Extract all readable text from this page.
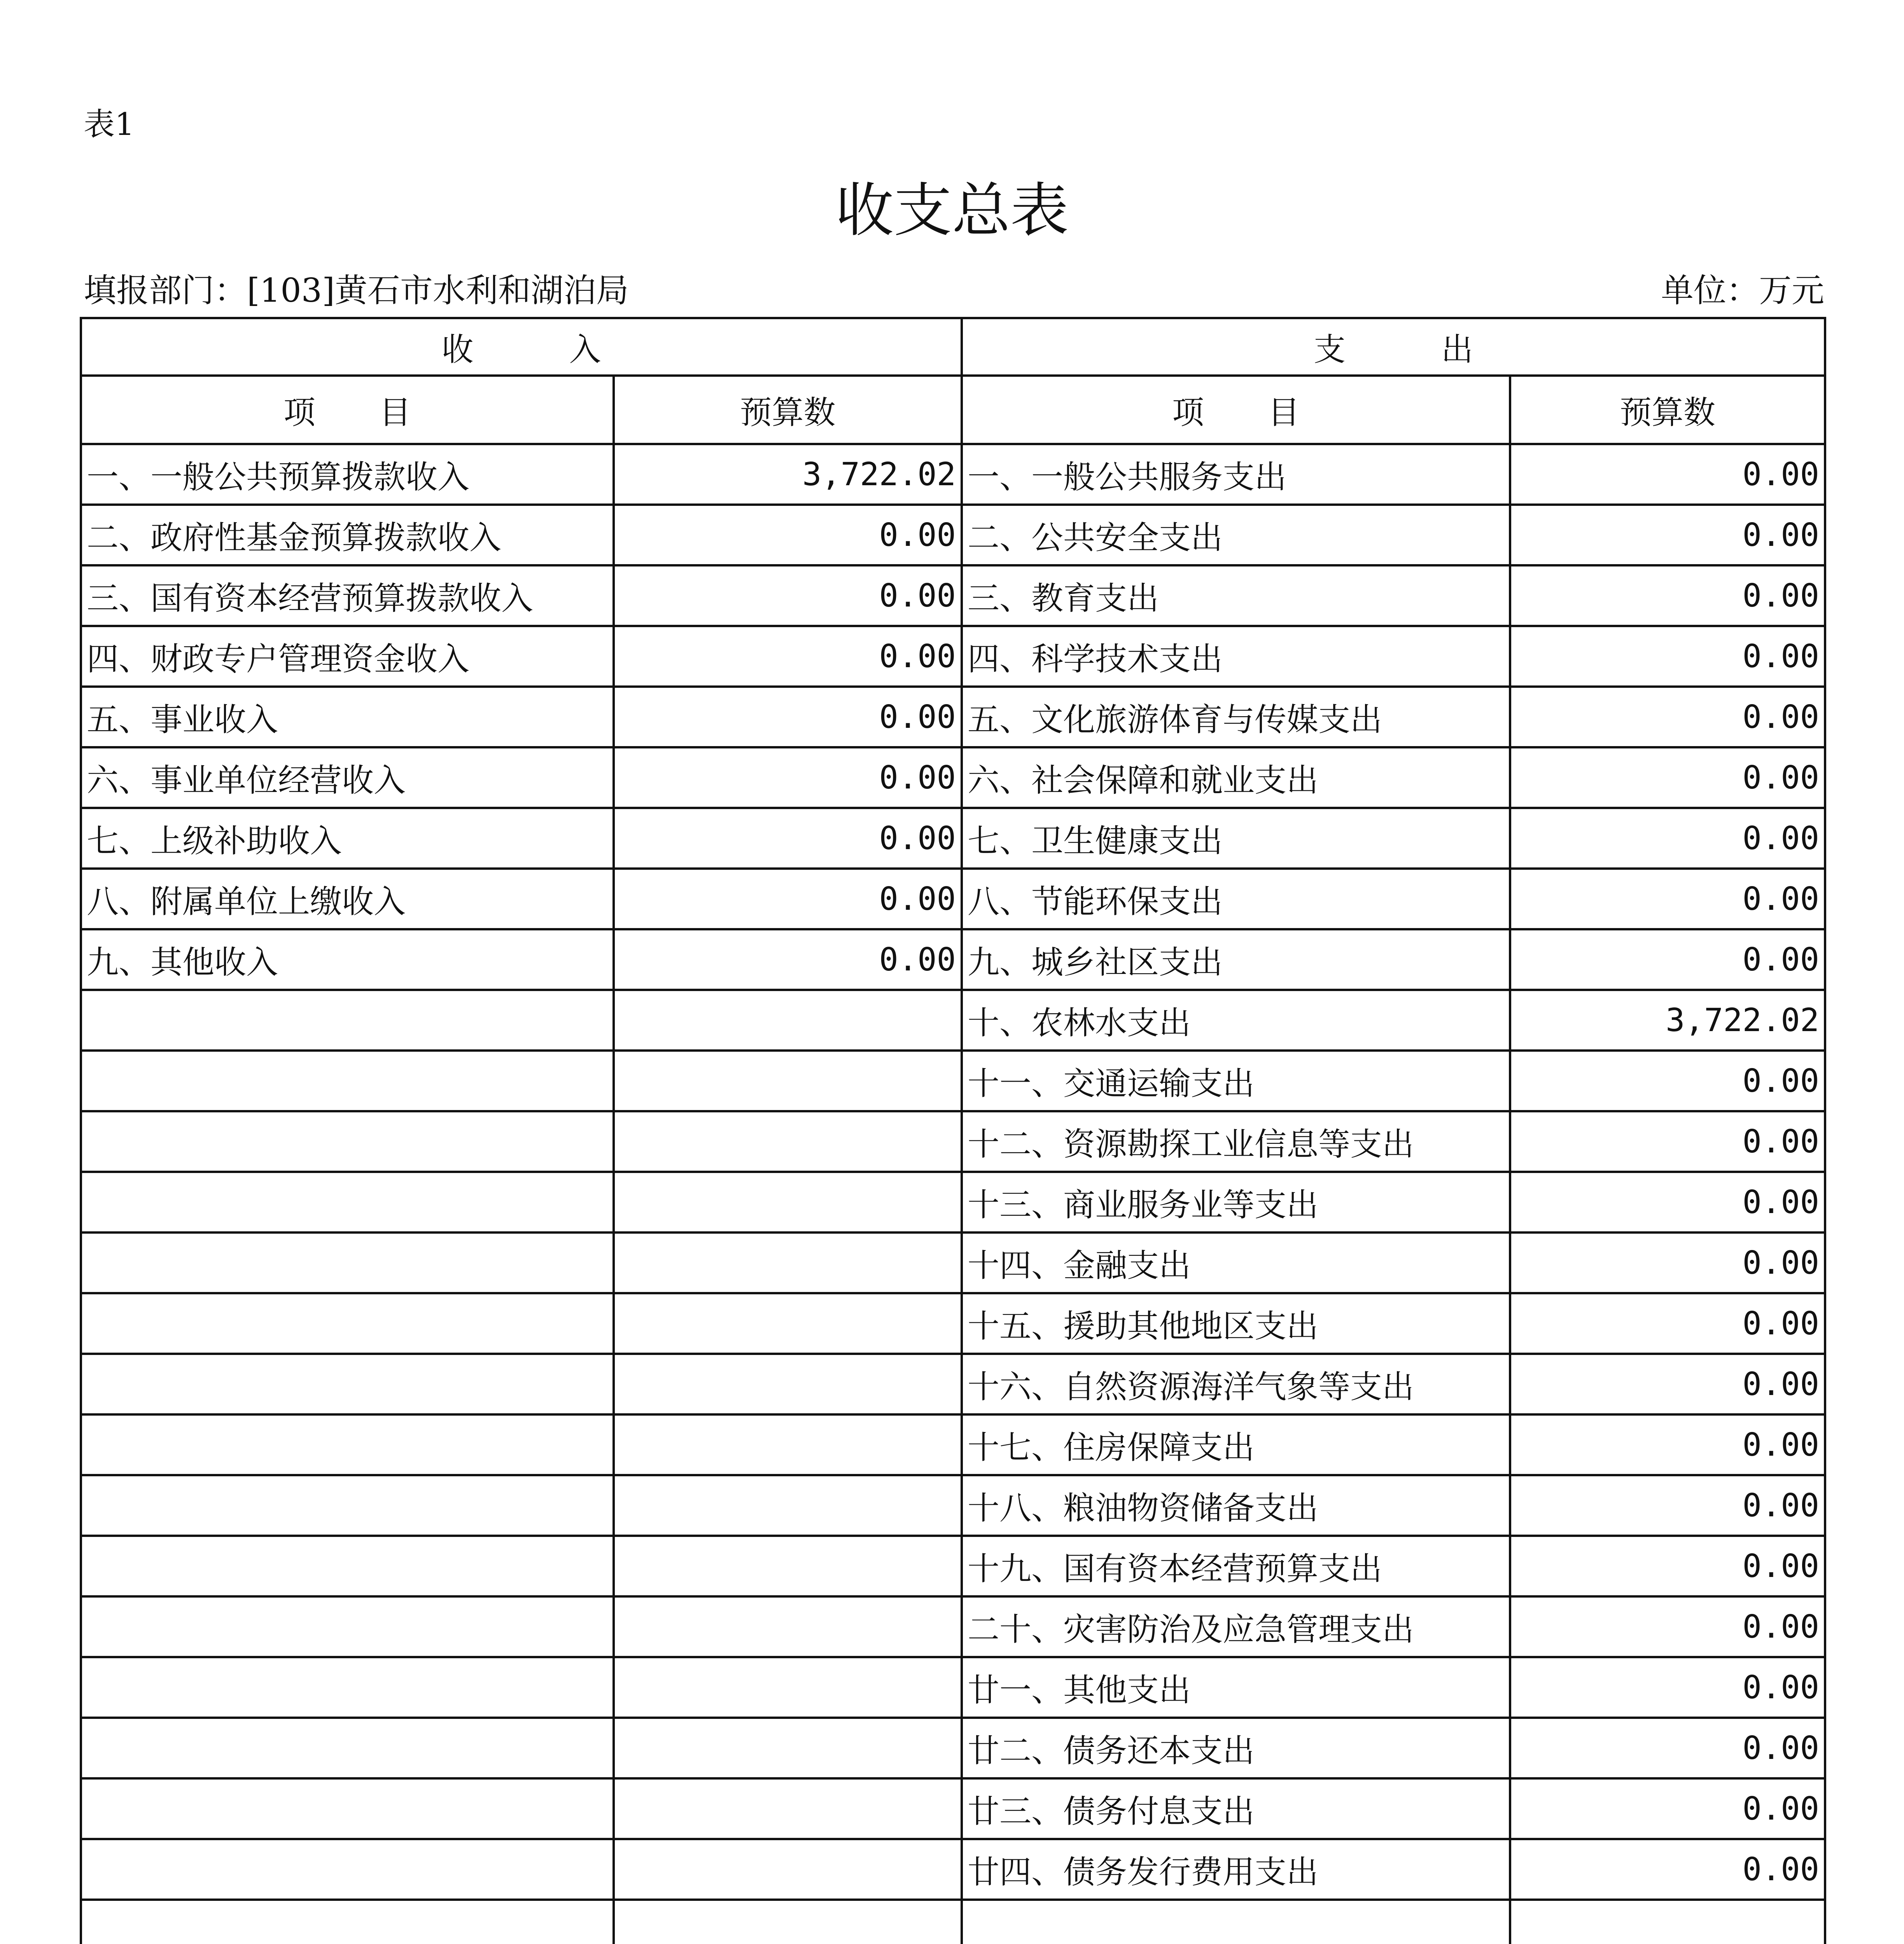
表1
收支总表
填报部门：[103]黄石市水利和湖泊局	单位：万元
收　　　入		支　　　出	
项　　目	预算数	项　　目	预算数
一、一般公共预算拨款收入	3,722.02	一、一般公共服务支出	0.00
二、政府性基金预算拨款收入	0.00	二、公共安全支出	0.00
三、国有资本经营预算拨款收入	0.00	三、教育支出	0.00
四、财政专户管理资金收入	0.00	四、科学技术支出	0.00
五、事业收入	0.00	五、文化旅游体育与传媒支出	0.00
六、事业单位经营收入	0.00	六、社会保障和就业支出	0.00
七、上级补助收入	0.00	七、卫生健康支出	0.00
八、附属单位上缴收入	0.00	八、节能环保支出	0.00
九、其他收入	0.00	九、城乡社区支出	0.00
		十、农林水支出	3,722.02
		十一、交通运输支出	0.00
		十二、资源勘探工业信息等支出	0.00
		十三、商业服务业等支出	0.00
		十四、金融支出	0.00
		十五、援助其他地区支出	0.00
		十六、自然资源海洋气象等支出	0.00
		十七、住房保障支出	0.00
		十八、粮油物资储备支出	0.00
		十九、国有资本经营预算支出	0.00
		二十、灾害防治及应急管理支出	0.00
		廿一、其他支出	0.00
		廿二、债务还本支出	0.00
		廿三、债务付息支出	0.00
		廿四、债务发行费用支出	0.00
